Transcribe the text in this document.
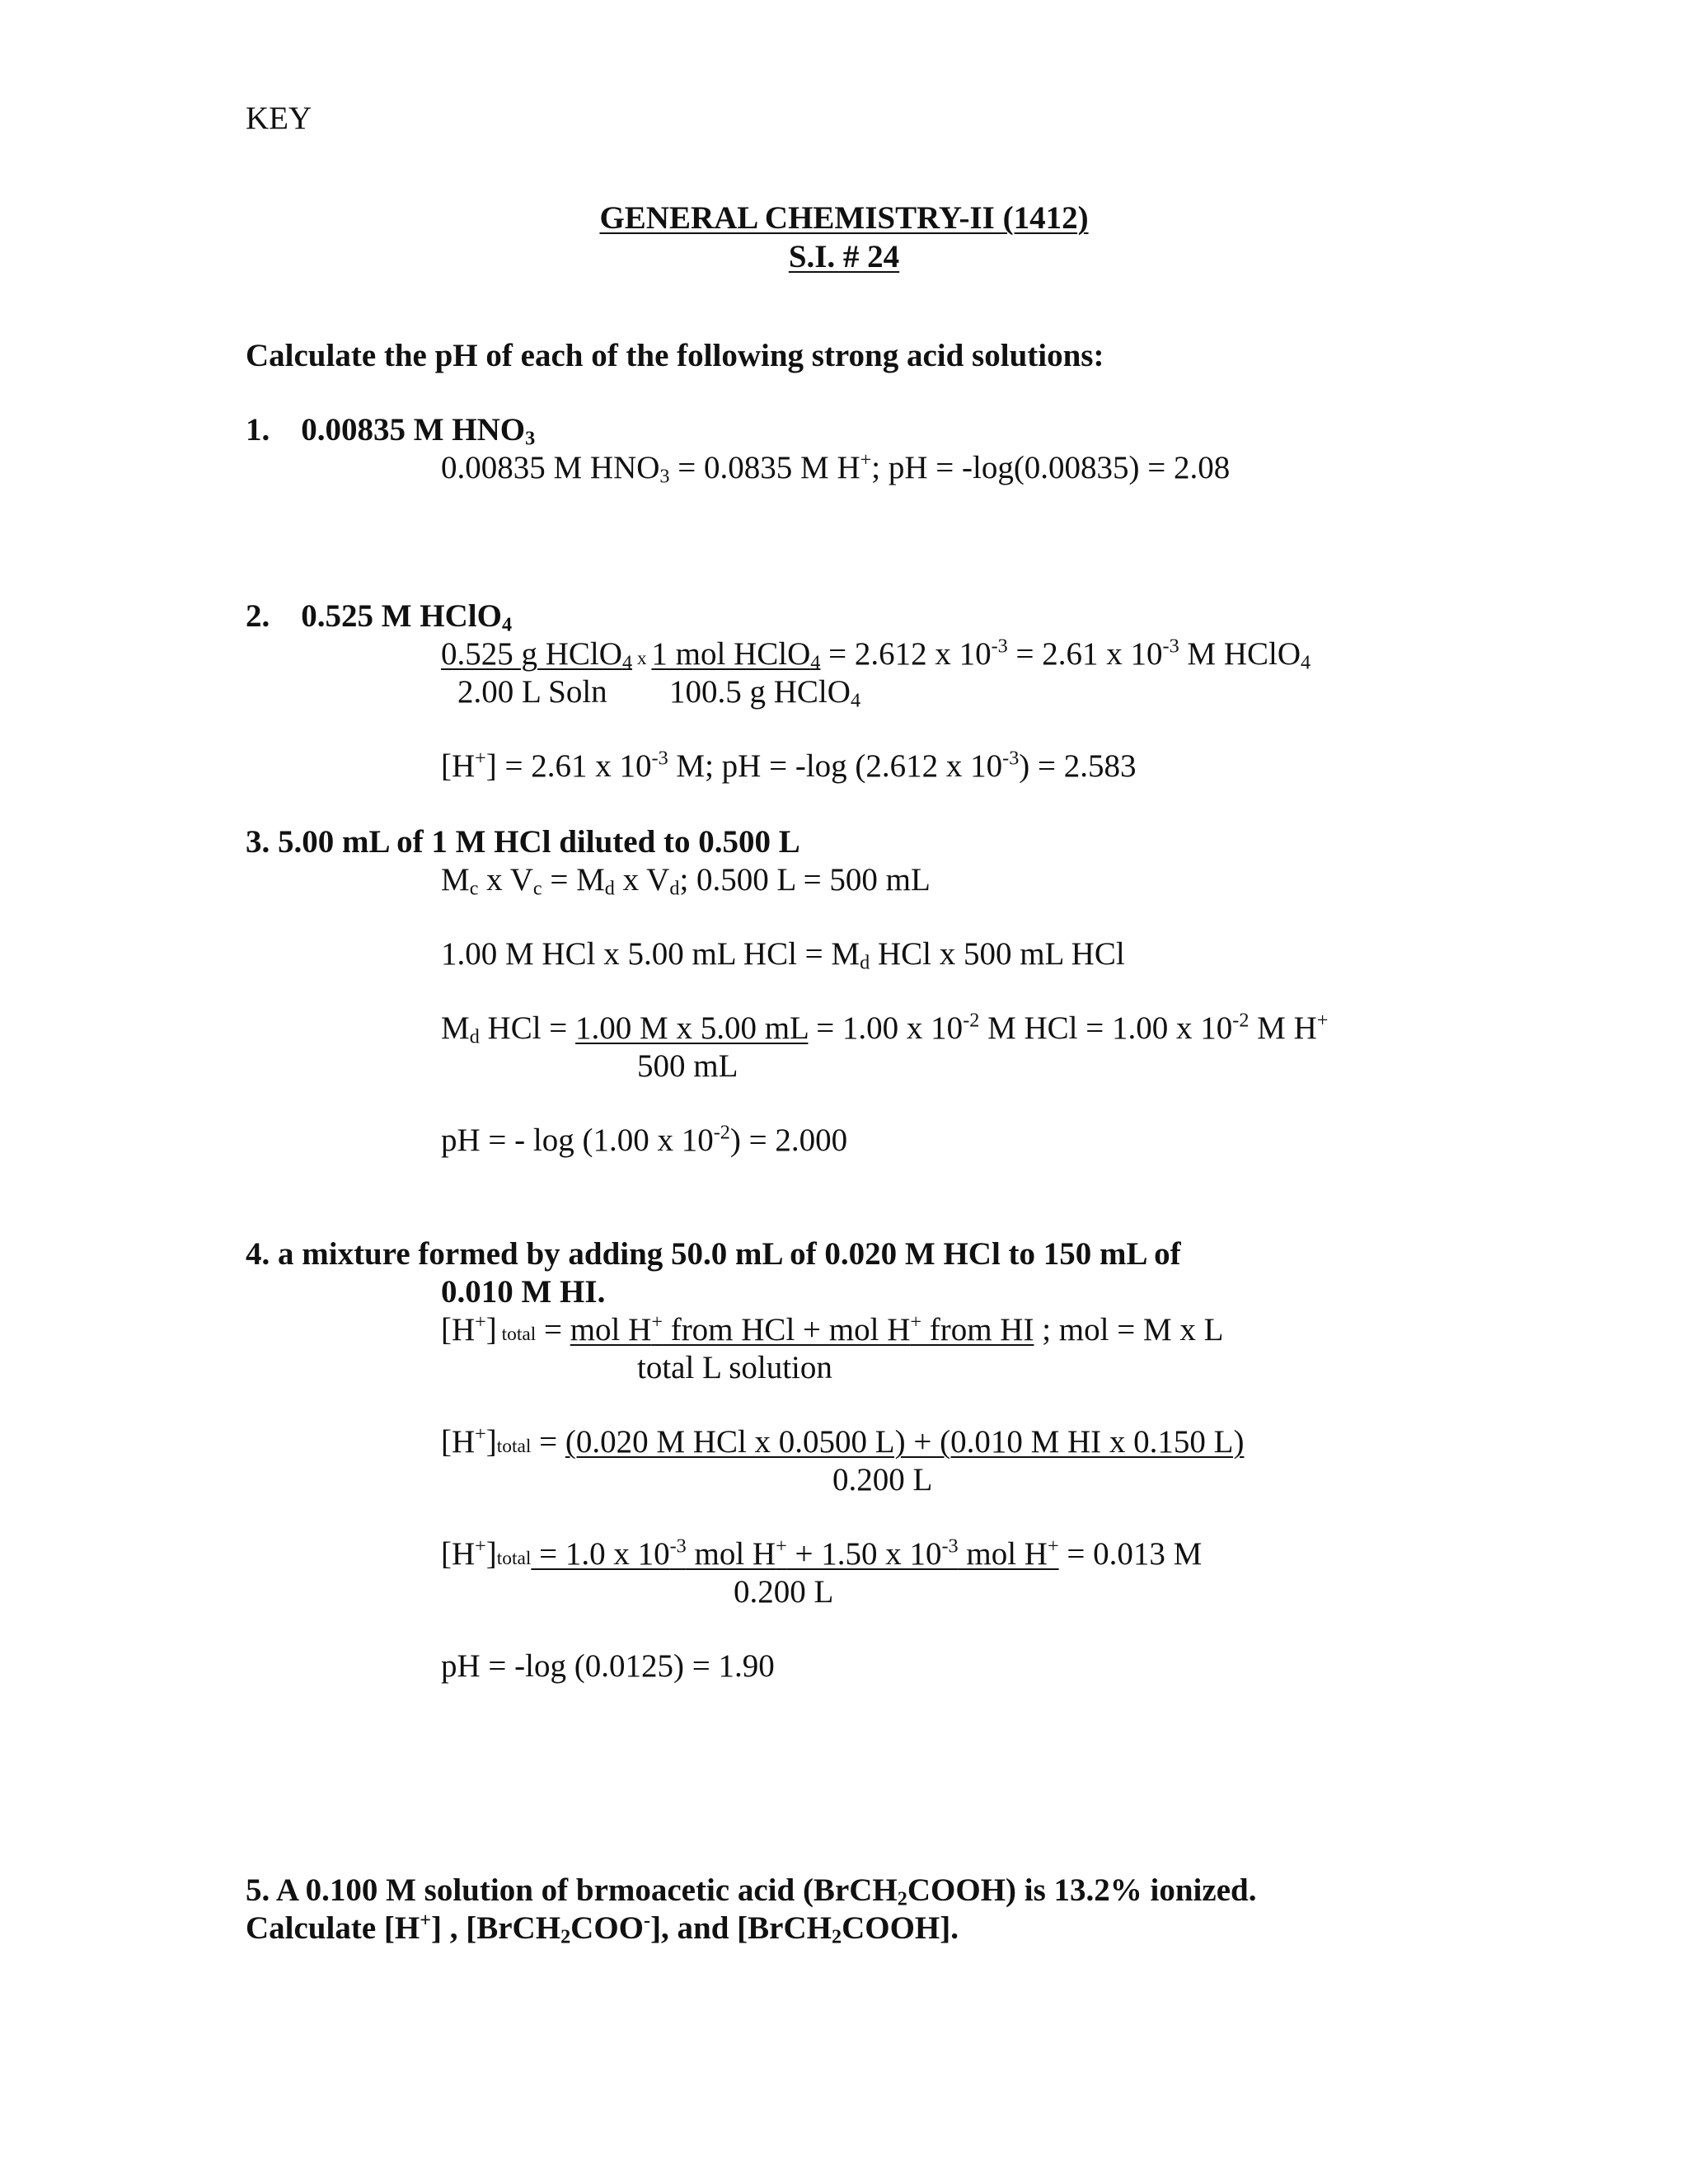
KEY
GENERAL CHEMISTRY-II (1412)
S.I. # 24
Calculate the pH of each of the following strong acid solutions:
1. 0.00835 M $HNO_3$
0.00835 M $HNO_3 = 0.0835$ M H+; pH = -log(0.00835) = 2.08
2. 0.525 M HClO$_4$
0.525 g HClO$_4$ x 1 mol HClO$_4$ = 2.612 x $10^{-3} = 2.61$ x $10^{-3}$ M HClO$_4$
2.00 L Soln 100.5 g HClO$_4$
[H+] = 2.61 x $10^{-3}$ M; pH = -log (2.612 x $10^{-3}) = 2.583$
3. 5.00 mL of 1 M HCl diluted to 0.500 L
$M_c$ x $V_c = M_d$ x $V_d$; 0.500 L = 500 mL
1.00 M HCl x 5.00 mL HCl = $M_d$ HCl x 500 mL HCl
$M_d$ HCl = 1.00 M x 5.00 mL = 1.00 x $10^{-2}$ M HCl = 1.00 x $10^{-2}$ M H+
500 mL
pH = - log (1.00 x $10^{-2}) = 2.000$
4. a mixture formed by adding 50.0 mL of 0.020 M HCl to 150 mL of
0.010 M HI.
[H+] total = mol H+ from HCl + mol H+ from HI ; mol = M x L
total L solution
[H+]total = (0.020 M HCl x 0.0500 L) + (0.010 M HI x 0.150 L)
0.200 L
[H+]total = 1.0 x $10^{-3}$ mol H+ + 1.50 x $10^{-3}$ mol H+ = 0.013 M
0.200 L
pH = -log (0.0125) = 1.90
5. A 0.100 M solution of brmoacetic acid (BrCH$_2$COOH) is 13.2% ionized.
Calculate [H+] , [BrCH$_2$COO-], and [BrCH$_2$COOH].
